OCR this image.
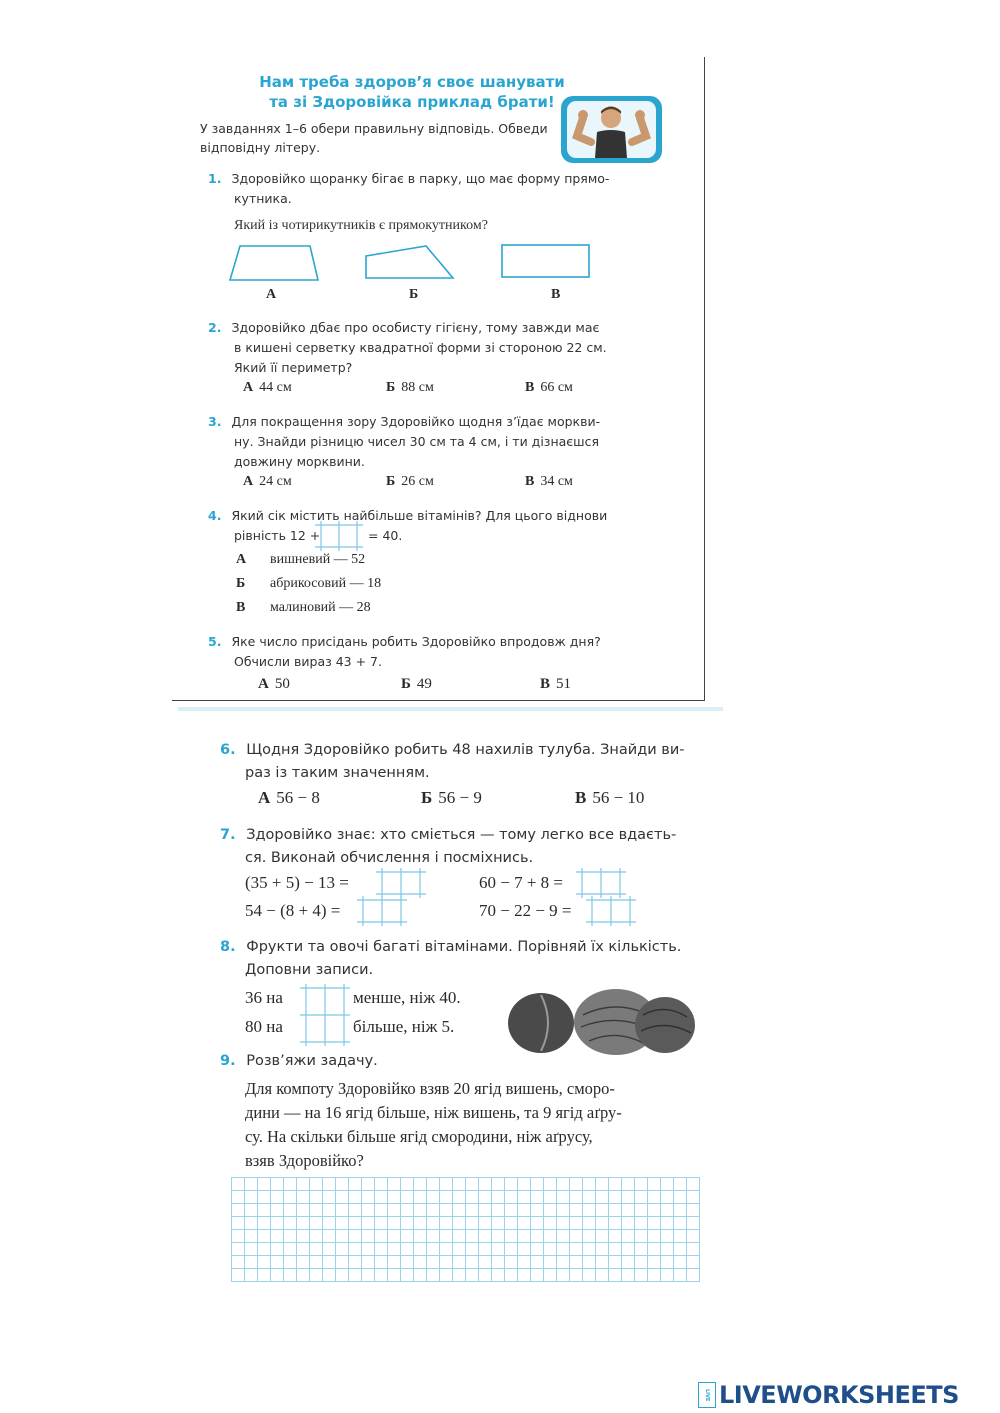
Нам треба здоров’я своє шанувати
та зі Здоровійка приклад брати!
У завданнях 1–6 обери правильну відповідь. Обведи
відповідну літеру.
1. Здоровійко щоранку бігає в парку, що має форму прямо-
кутника.
Який із чотирикутників є прямокутником?
А	Б	В
2. Здоровійко дбає про особисту гігієну, тому завжди має
в кишені серветку квадратної форми зі стороною 22 см.
Який її периметр?
А 44 см	Б 88 см	В 66 см
3. Для покращення зору Здоровійко щодня з’їдає моркви-
ну. Знайди різницю чисел 30 см та 4 см, і ти дізнаєшся
довжину морквини.
А 24 см	Б 26 см	В 34 см
4. Який сік містить найбільше вітамінів? Для цього віднови
рівність 12 +	= 40.
А вишневий — 52
Б абрикосовий — 18
В малиновий — 28
5. Яке число присідань робить Здоровійко впродовж дня?
Обчисли вираз 43 + 7.
А 50	Б 49	В 51
6. Щодня Здоровійко робить 48 нахилів тулуба. Знайди ви-
раз із таким значенням.
А 56 − 8	Б 56 − 9	В 56 − 10
7. Здоровійко знає: хто сміється — тому легко все вдаєть-
ся. Виконай обчислення і посміхнись.
(35 + 5) − 13 =	60 − 7 + 8 =
54 − (8 + 4) =	70 − 22 − 9 =
8. Фрукти та овочі багаті вітамінами. Порівняй їх кількість.
Доповни записи.
36 на	менше, ніж 40.
80 на	більше, ніж 5.
9. Розв’яжи задачу.
Для компоту Здоровійко взяв 20 ягід вишень, сморо-
дини — на 16 ягід більше, ніж вишень, та 9 ягід аґру-
су. На скільки більше ягід смородини, ніж аґрусу,
взяв Здоровійко?
LIVE LIVEWORKSHEETS
